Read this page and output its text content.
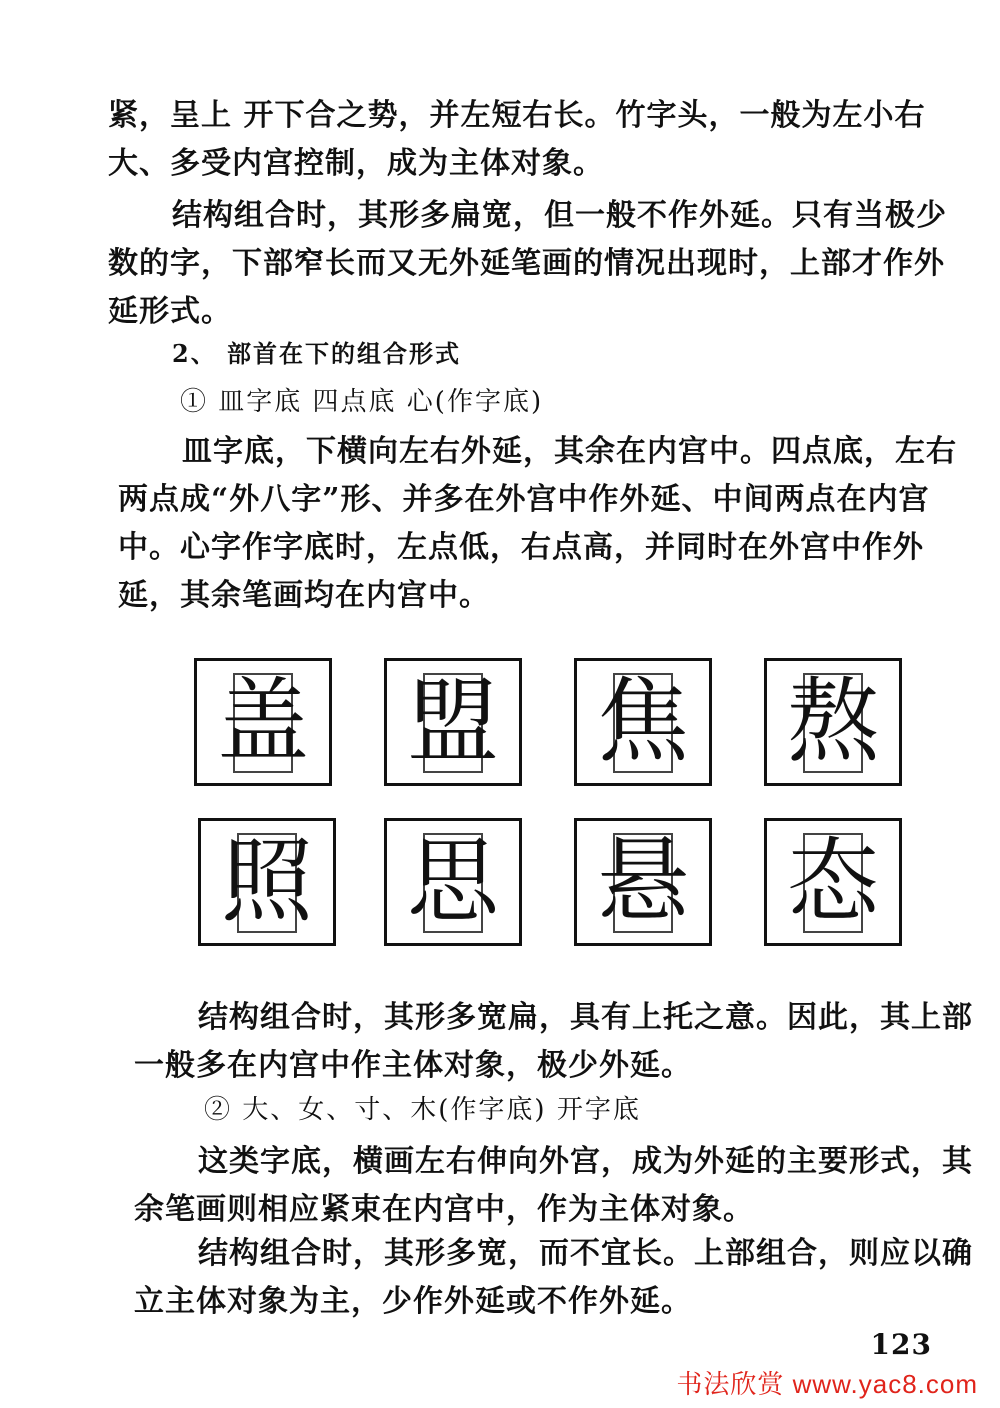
紧，呈上 开下合之势，并左短右长。竹字头，一般为左小右大、多受内宫控制，成为主体对象。

结构组合时，其形多扁宽，但一般不作外延。只有当极少数的字，下部窄长而又无外延笔画的情况出现时，上部才作外延形式。

2、 部首在下的组合形式

① 皿字底 四点底 心(作字底)

皿字底，下横向左右外延，其余在内宫中。四点底，左右两点成“外八字”形、并多在外宫中作外延、中间两点在内宫中。心字作字底时，左点低，右点高，并同时在外宫中作外延，其余笔画均在内宫中。

盖 盟 焦 熬
照 思 悬 态

结构组合时，其形多宽扁，具有上托之意。因此，其上部一般多在内宫中作主体对象，极少外延。

② 大、女、寸、木(作字底) 开字底

这类字底，横画左右伸向外宫，成为外延的主要形式，其余笔画则相应紧束在内宫中，作为主体对象。

结构组合时，其形多宽，而不宜长。上部组合，则应以确立主体对象为主，少作外延或不作外延。

123
书法欣赏 www.yac8.com
